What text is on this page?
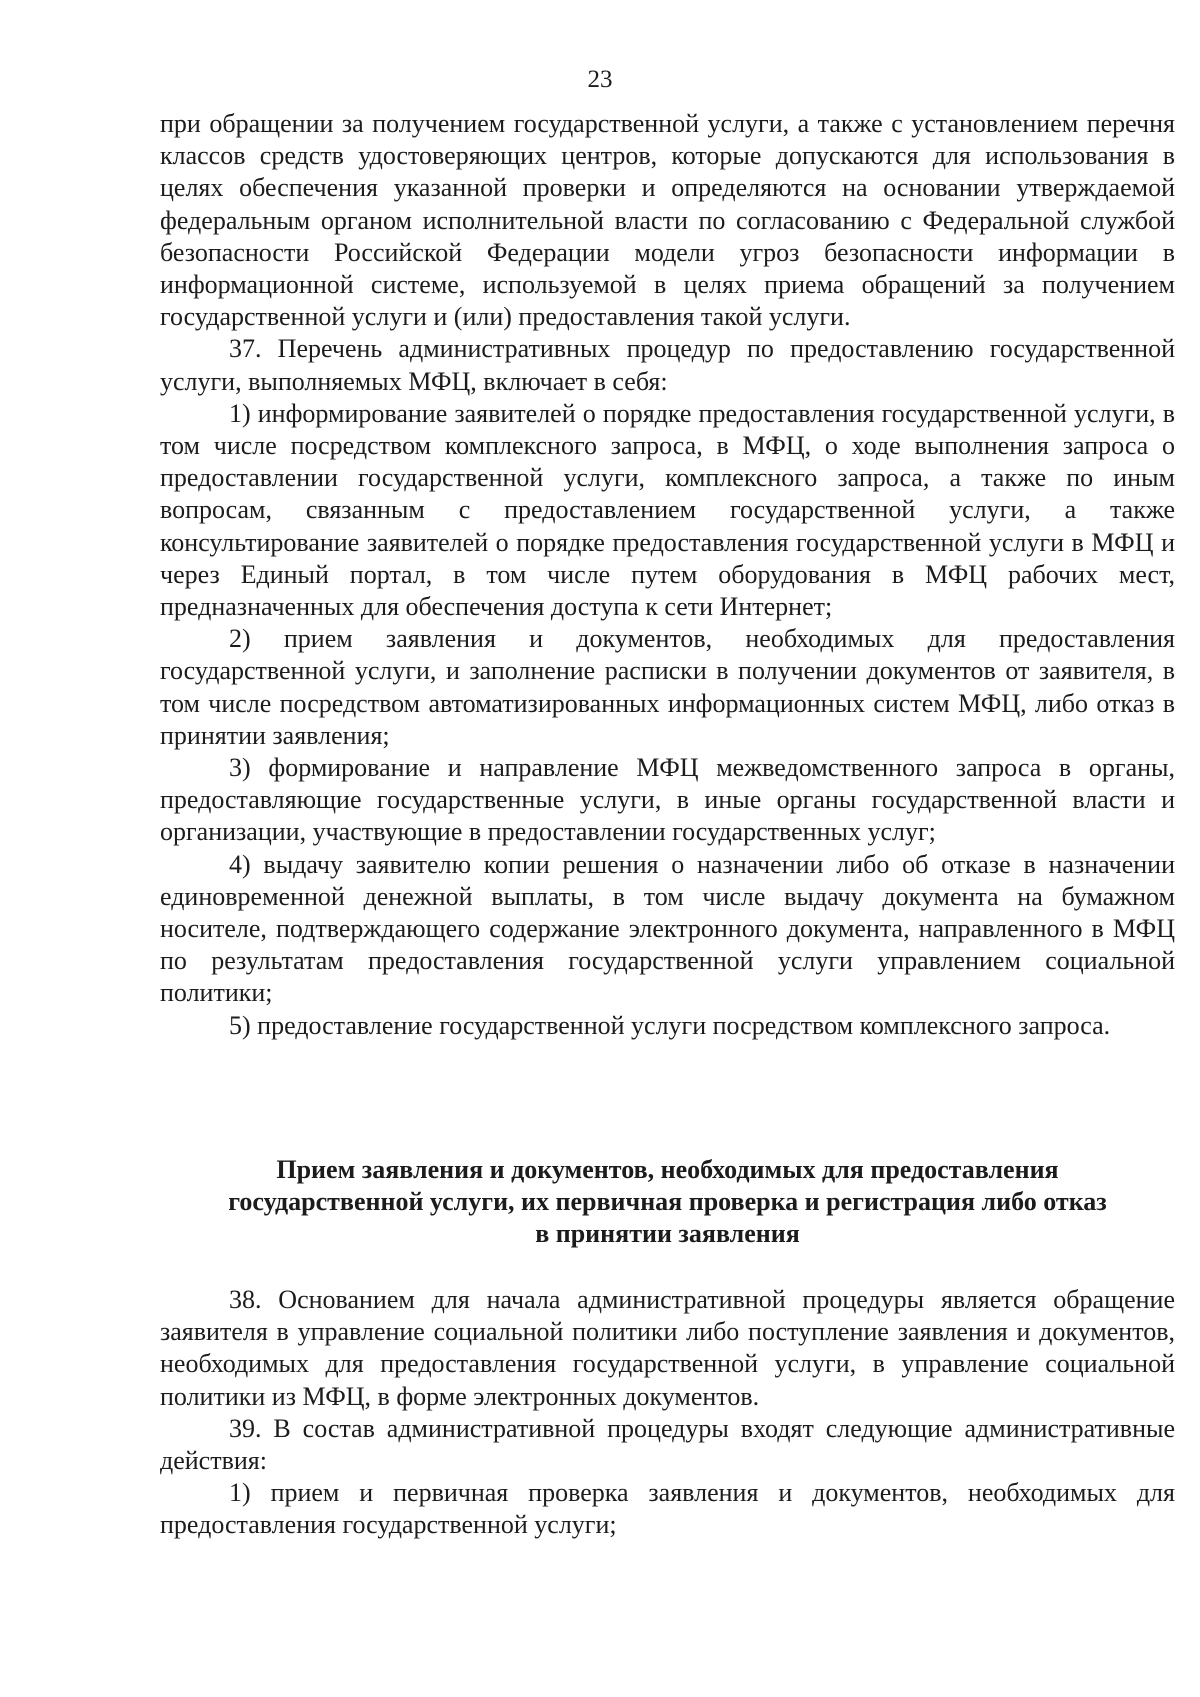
23

при обращении за получением государственной услуги, а также с установлением перечня классов средств удостоверяющих центров, которые допускаются для использования в целях обеспечения указанной проверки и определяются на основании утверждаемой федеральным органом исполнительной власти по согласованию с Федеральной службой безопасности Российской Федерации модели угроз безопасности информации в информационной системе, используемой в целях приема обращений за получением государственной услуги и (или) предоставления такой услуги.

37. Перечень административных процедур по предоставлению государственной услуги, выполняемых МФЦ, включает в себя:

1) информирование заявителей о порядке предоставления государственной услуги, в том числе посредством комплексного запроса, в МФЦ, о ходе выполнения запроса о предоставлении государственной услуги, комплексного запроса, а также по иным вопросам, связанным с предоставлением государственной услуги, а также консультирование заявителей о порядке предоставления государственной услуги в МФЦ и через Единый портал, в том числе путем оборудования в МФЦ рабочих мест, предназначенных для обеспечения доступа к сети Интернет;

2) прием заявления и документов, необходимых для предоставления государственной услуги, и заполнение расписки в получении документов от заявителя, в том числе посредством автоматизированных информационных систем МФЦ, либо отказ в принятии заявления;

3) формирование и направление МФЦ межведомственного запроса в органы, предоставляющие государственные услуги, в иные органы государственной власти и организации, участвующие в предоставлении государственных услуг;

4) выдачу заявителю копии решения о назначении либо об отказе в назначении единовременной денежной выплаты, в том числе выдачу документа на бумажном носителе, подтверждающего содержание электронного документа, направленного в МФЦ по результатам предоставления государственной услуги управлением социальной политики;

5) предоставление государственной услуги посредством комплексного запроса.

Прием заявления и документов, необходимых для предоставления
государственной услуги, их первичная проверка и регистрация либо отказ
в принятии заявления

38. Основанием для начала административной процедуры является обращение заявителя в управление социальной политики либо поступление заявления и документов, необходимых для предоставления государственной услуги, в управление социальной политики из МФЦ, в форме электронных документов.

39. В состав административной процедуры входят следующие административные действия:

1) прием и первичная проверка заявления и документов, необходимых для предоставления государственной услуги;
